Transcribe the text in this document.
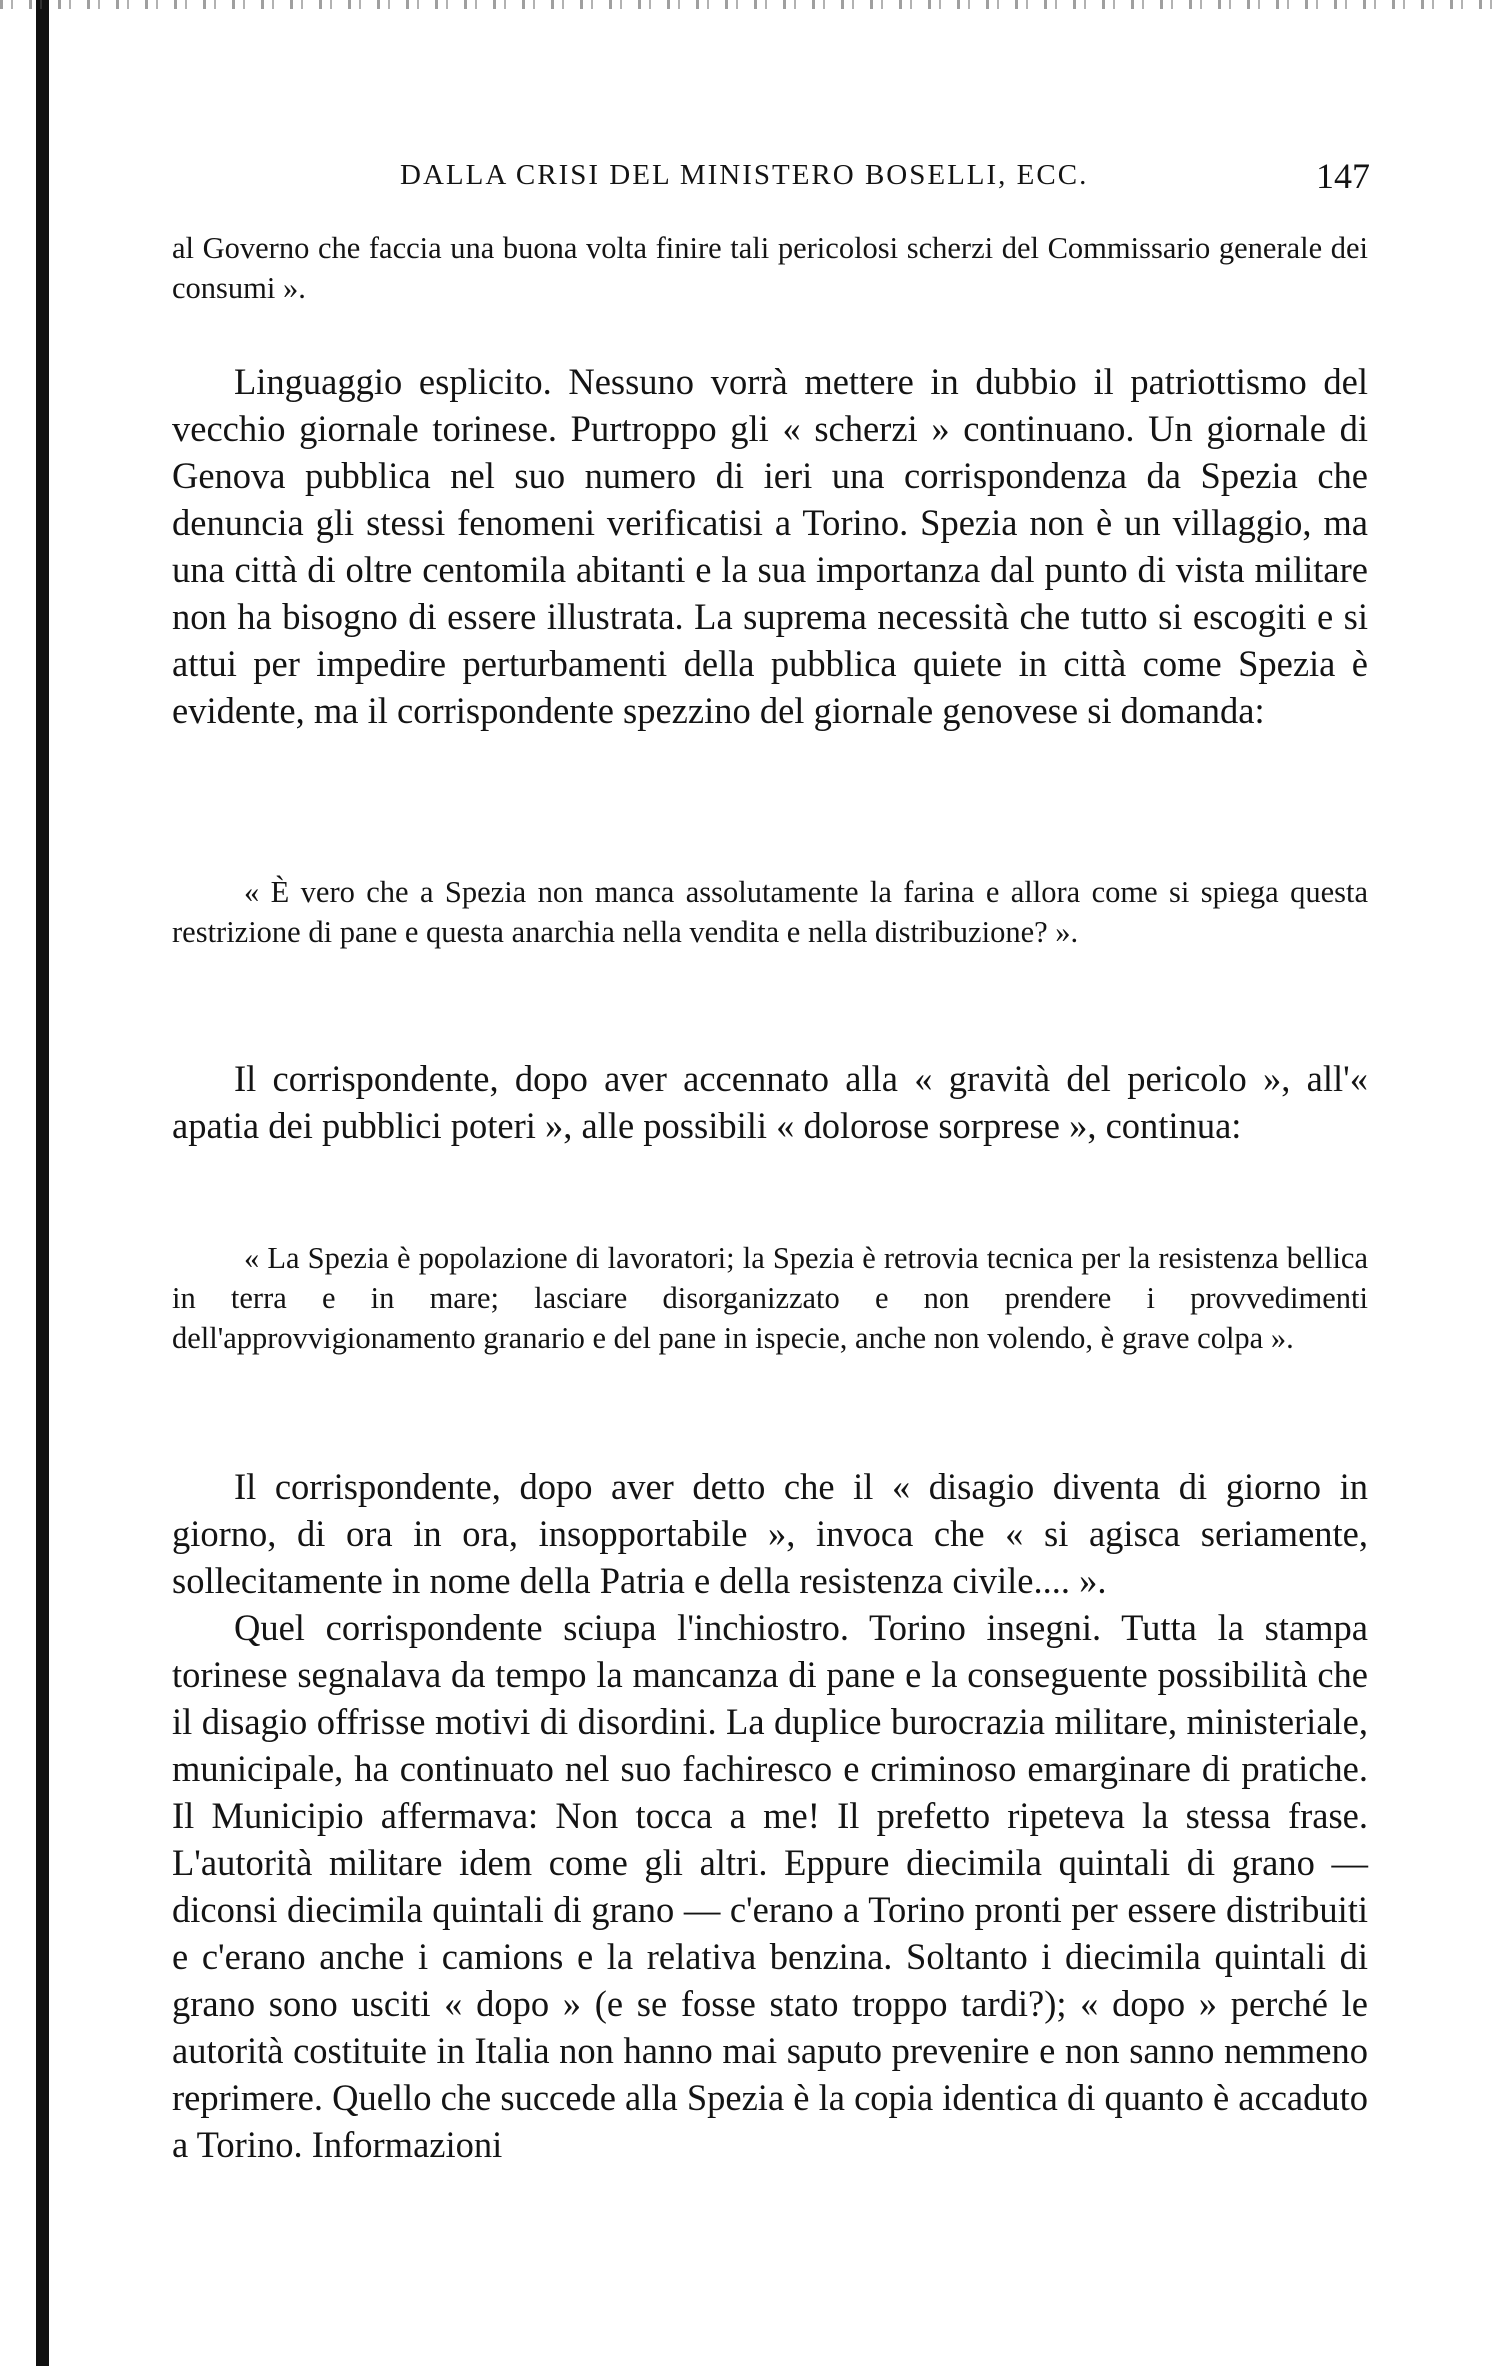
DALLA CRISI DEL MINISTERO BOSELLI, ECC.	147

al Governo che faccia una buona volta finire tali pericolosi scherzi del Commissario generale dei consumi ».

Linguaggio esplicito. Nessuno vorrà mettere in dubbio il patriottismo del vecchio giornale torinese. Purtroppo gli « scherzi » continuano. Un giornale di Genova pubblica nel suo numero di ieri una corrispondenza da Spezia che denuncia gli stessi fenomeni verificatisi a Torino. Spezia non è un villaggio, ma una città di oltre centomila abitanti e la sua importanza dal punto di vista militare non ha bisogno di essere illustrata. La suprema necessità che tutto si escogiti e si attui per impedire perturbamenti della pubblica quiete in città come Spezia è evidente, ma il corrispondente spezzino del giornale genovese si domanda:

« È vero che a Spezia non manca assolutamente la farina e allora come si spiega questa restrizione di pane e questa anarchia nella vendita e nella distribuzione? ».

Il corrispondente, dopo aver accennato alla « gravità del pericolo », all'« apatia dei pubblici poteri », alle possibili « dolorose sorprese », continua:

« La Spezia è popolazione di lavoratori; la Spezia è retrovia tecnica per la resistenza bellica in terra e in mare; lasciare disorganizzato e non prendere i provvedimenti dell'approvvigionamento granario e del pane in ispecie, anche non volendo, è grave colpa ».

Il corrispondente, dopo aver detto che il « disagio diventa di giorno in giorno, di ora in ora, insopportabile », invoca che « si agisca seriamente, sollecitamente in nome della Patria e della resistenza civile.... ».

Quel corrispondente sciupa l'inchiostro. Torino insegni. Tutta la stampa torinese segnalava da tempo la mancanza di pane e la conseguente possibilità che il disagio offrisse motivi di disordini. La duplice burocrazia militare, ministeriale, municipale, ha continuato nel suo fachiresco e criminoso emarginare di pratiche. Il Municipio affermava: Non tocca a me! Il prefetto ripeteva la stessa frase. L'autorità militare idem come gli altri. Eppure diecimila quintali di grano — diconsi diecimila quintali di grano — c'erano a Torino pronti per essere distribuiti e c'erano anche i camions e la relativa benzina. Soltanto i diecimila quintali di grano sono usciti « dopo » (e se fosse stato troppo tardi?); « dopo » perché le autorità costituite in Italia non hanno mai saputo prevenire e non sanno nemmeno reprimere. Quello che succede alla Spezia è la copia identica di quanto è accaduto a Torino. Informazioni
